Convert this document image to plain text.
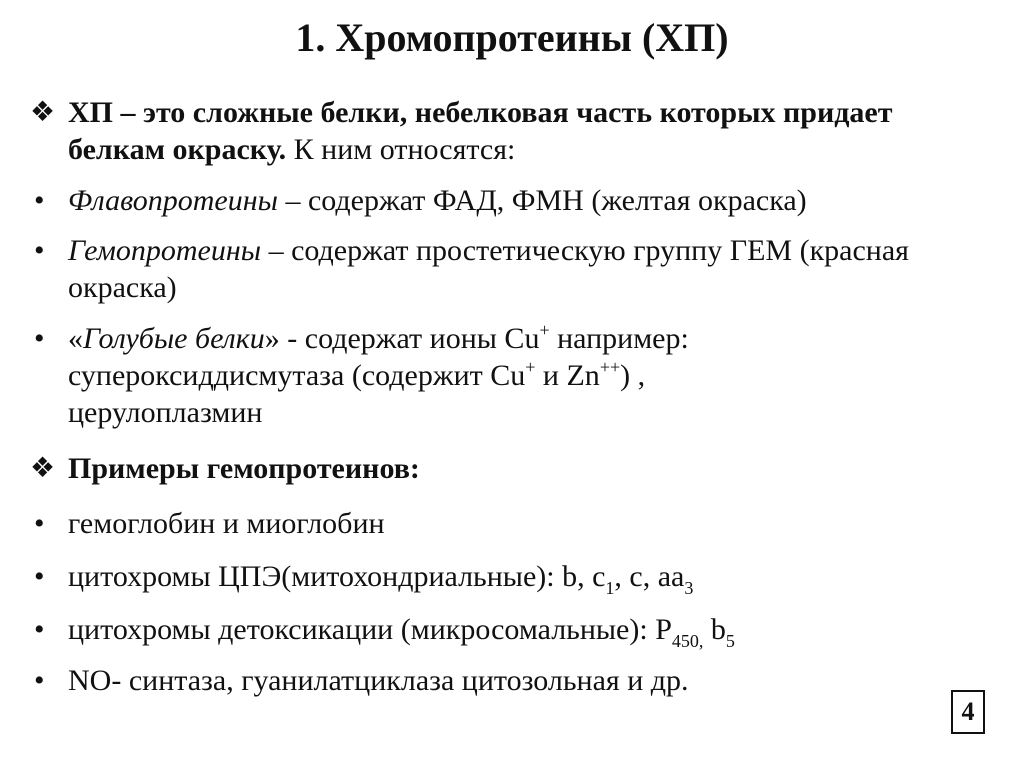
1. Хромопротеины (ХП)
❖ ХП – это сложные белки, небелковая часть которых придает белкам окраску. К ним относятся:
• Флавопротеины – содержат ФАД, ФМН (желтая окраска)
• Гемопротеины – содержат простетическую группу ГЕМ (красная окраска)
• «Голубые белки» - содержат ионы Cu+ например:
супероксиддисмутаза (содержит Cu+ и Zn++) ,
церулоплазмин
❖ Примеры гемопротеинов:
• гемоглобин и миоглобин
• цитохромы ЦПЭ(митохондриальные): b, $c_1$, c, $aa_3$
• цитохромы детоксикации (микросомальные): $P_{450,}$ $b_5$
• NO- синтаза, гуанилатциклаза цитозольная и др.
4
